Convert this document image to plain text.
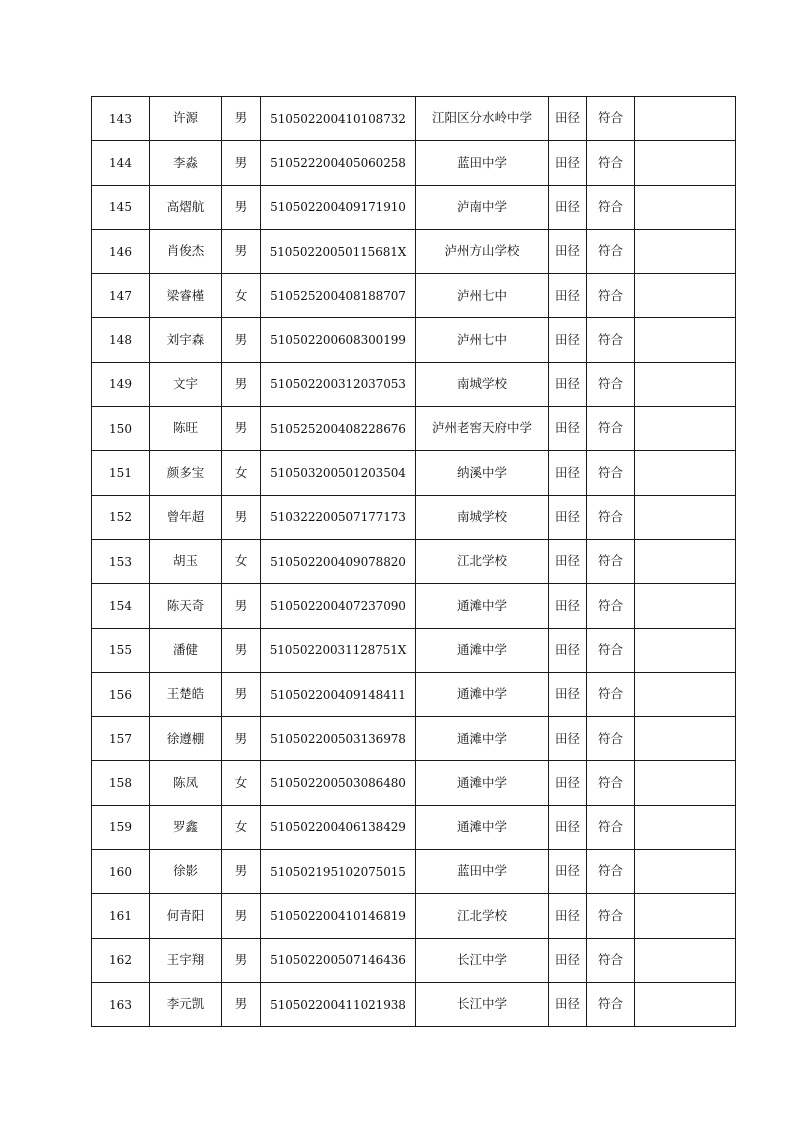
143	许源	男	510502200410108732	江阳区分水岭中学	田径	符合	
144	李淼	男	510522200405060258	蓝田中学	田径	符合	
145	高熠航	男	510502200409171910	泸南中学	田径	符合	
146	肖俊杰	男	51050220050115681X	泸州方山学校	田径	符合	
147	梁睿槿	女	510525200408188707	泸州七中	田径	符合	
148	刘宇森	男	510502200608300199	泸州七中	田径	符合	
149	文宇	男	510502200312037053	南城学校	田径	符合	
150	陈旺	男	510525200408228676	泸州老窖天府中学	田径	符合	
151	颜多宝	女	510503200501203504	纳溪中学	田径	符合	
152	曾年超	男	510322200507177173	南城学校	田径	符合	
153	胡玉	女	510502200409078820	江北学校	田径	符合	
154	陈天奇	男	510502200407237090	通滩中学	田径	符合	
155	潘健	男	51050220031128751X	通滩中学	田径	符合	
156	王楚皓	男	510502200409148411	通滩中学	田径	符合	
157	徐遵棚	男	510502200503136978	通滩中学	田径	符合	
158	陈凤	女	510502200503086480	通滩中学	田径	符合	
159	罗鑫	女	510502200406138429	通滩中学	田径	符合	
160	徐影	男	510502195102075015	蓝田中学	田径	符合	
161	何青阳	男	510502200410146819	江北学校	田径	符合	
162	王宇翔	男	510502200507146436	长江中学	田径	符合	
163	李元凯	男	510502200411021938	长江中学	田径	符合	
